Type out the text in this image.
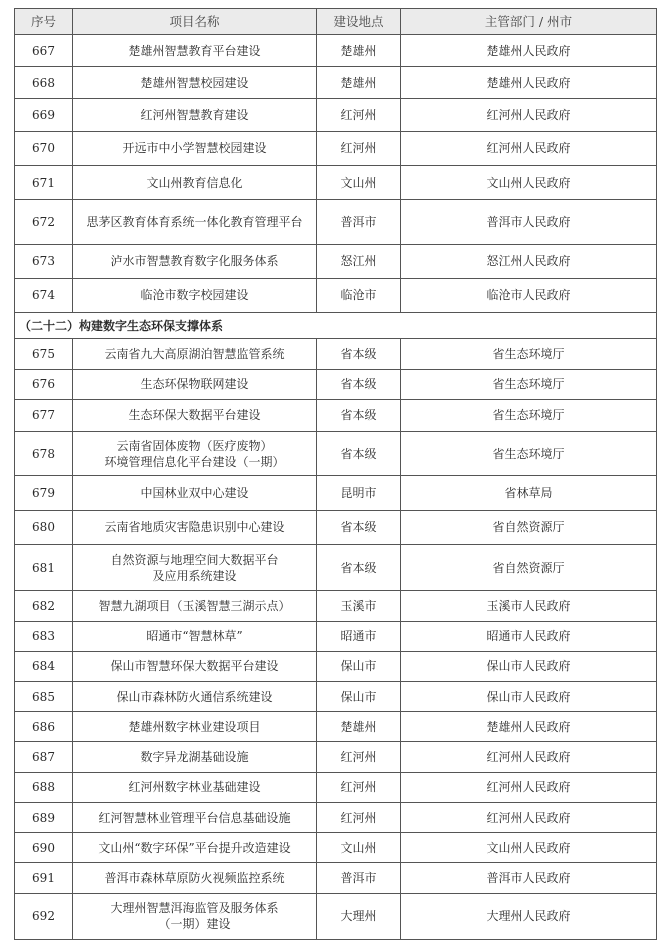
序号	项目名称	建设地点	主管部门 / 州市
667	楚雄州智慧教育平台建设	楚雄州	楚雄州人民政府
668	楚雄州智慧校园建设	楚雄州	楚雄州人民政府
669	红河州智慧教育建设	红河州	红河州人民政府
670	开远市中小学智慧校园建设	红河州	红河州人民政府
671	文山州教育信息化	文山州	文山州人民政府
672	思茅区教育体育系统一体化教育管理平台	普洱市	普洱市人民政府
673	泸水市智慧教育数字化服务体系	怒江州	怒江州人民政府
674	临沧市数字校园建设	临沧市	临沧市人民政府
（二十二）构建数字生态环保支撑体系			
675	云南省九大高原湖泊智慧监管系统	省本级	省生态环境厅
676	生态环保物联网建设	省本级	省生态环境厅
677	生态环保大数据平台建设	省本级	省生态环境厅
678	云南省固体废物（医疗废物）
环境管理信息化平台建设（一期）	省本级	省生态环境厅
679	中国林业双中心建设	昆明市	省林草局
680	云南省地质灾害隐患识别中心建设	省本级	省自然资源厅
681	自然资源与地理空间大数据平台
及应用系统建设	省本级	省自然资源厅
682	智慧九湖项目（玉溪智慧三湖示点）	玉溪市	玉溪市人民政府
683	昭通市“智慧林草”	昭通市	昭通市人民政府
684	保山市智慧环保大数据平台建设	保山市	保山市人民政府
685	保山市森林防火通信系统建设	保山市	保山市人民政府
686	楚雄州数字林业建设项目	楚雄州	楚雄州人民政府
687	数字异龙湖基础设施	红河州	红河州人民政府
688	红河州数字林业基础建设	红河州	红河州人民政府
689	红河智慧林业管理平台信息基础设施	红河州	红河州人民政府
690	文山州“数字环保”平台提升改造建设	文山州	文山州人民政府
691	普洱市森林草原防火视频监控系统	普洱市	普洱市人民政府
692	大理州智慧洱海监管及服务体系
（一期）建设	大理州	大理州人民政府
